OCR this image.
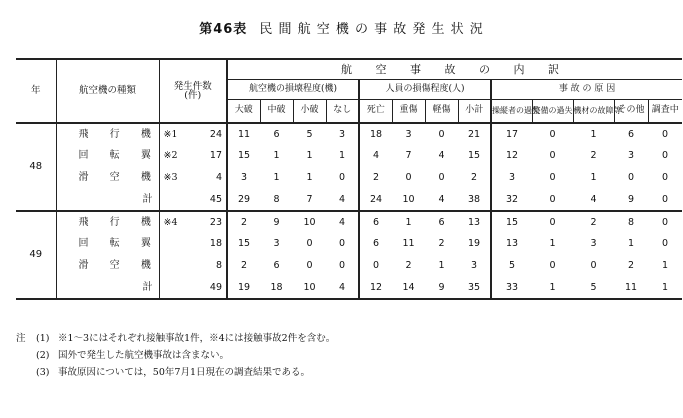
第46表 民 間 航 空 機 の 事 故 発 生 状 況
年	航空機の種類	発生件数
(件)		航 空 事 故 の 内 訳												
				航空機の損壊程度(機)				人員の損傷程度(人)				事 故 の 原 因				
				大破	中破	小破	なし	死亡	重傷	軽傷	小計	操縦者の過失	整備の過失	機材の故障等	その他	調査中
48	飛 行 機	※1	24	11	6	5	3	18	3	0	21	17	0	1	6	0
	回 転 翼	※2	17	15	1	1	1	4	7	4	15	12	0	2	3	0
	滑 空 機	※3	4	3	1	1	0	2	0	0	2	3	0	1	0	0
	計		45	29	8	7	4	24	10	4	38	32	0	4	9	0
49	飛 行 機	※4	23	2	9	10	4	6	1	6	13	15	0	2	8	0
	回 転 翼		18	15	3	0	0	6	11	2	19	13	1	3	1	0
	滑 空 機		8	2	6	0	0	0	2	1	3	5	0	0	2	1
	計		49	19	18	10	4	12	14	9	35	33	1	5	11	1
注	(1) ※1～3にはそれぞれ接触事故1件，※4には接触事故2件を含む。
(2) 国外で発生した航空機事故は含まない。
(3) 事故原因については，50年7月1日現在の調査結果である。
